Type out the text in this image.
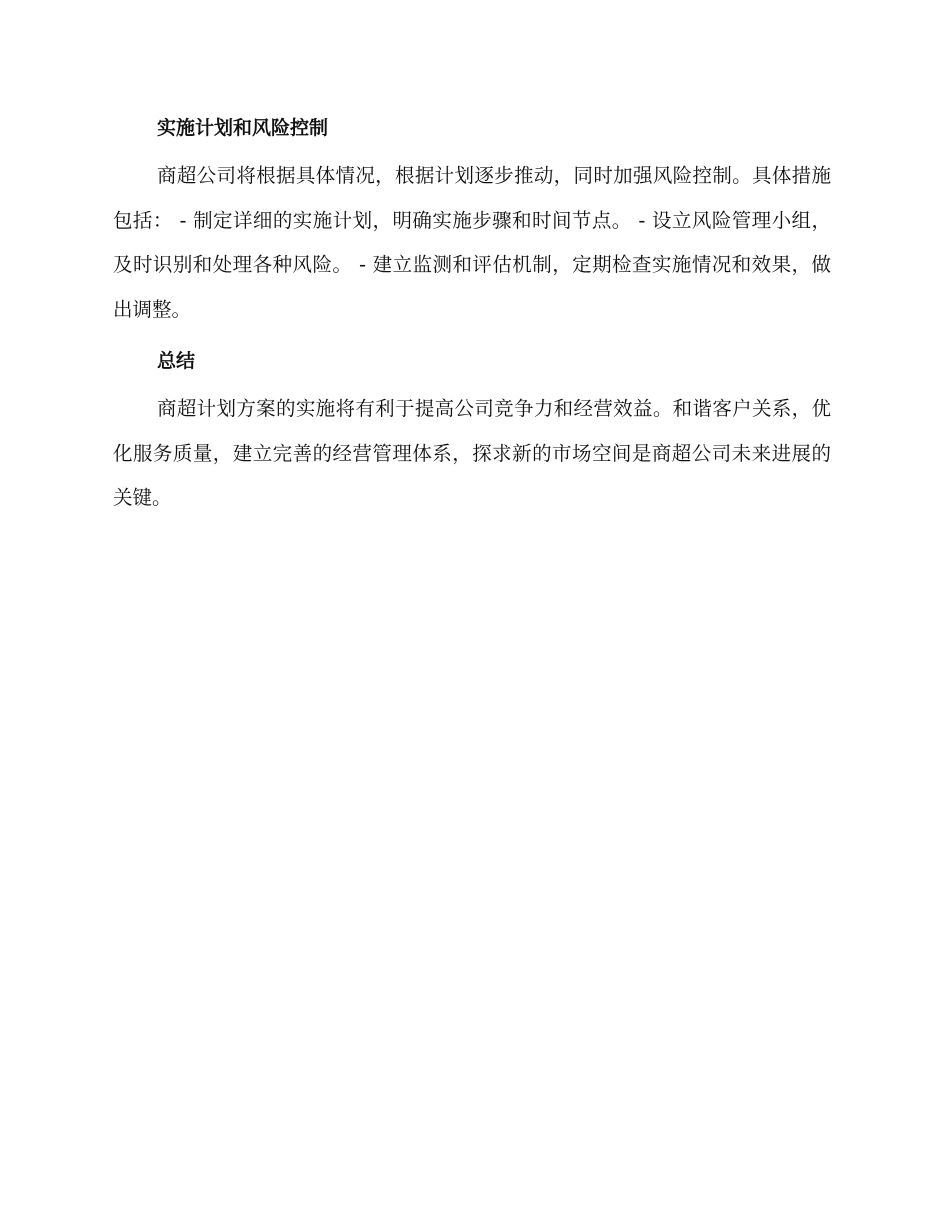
实施计划和风险控制

商超公司将根据具体情况，根据计划逐步推动，同时加强风险控制。具体措施包括： - 制定详细的实施计划，明确实施步骤和时间节点。 - 设立风险管理小组，及时识别和处理各种风险。 - 建立监测和评估机制，定期检查实施情况和效果，做出调整。

总结

商超计划方案的实施将有利于提高公司竞争力和经营效益。和谐客户关系，优化服务质量，建立完善的经营管理体系，探求新的市场空间是商超公司未来进展的关键。
